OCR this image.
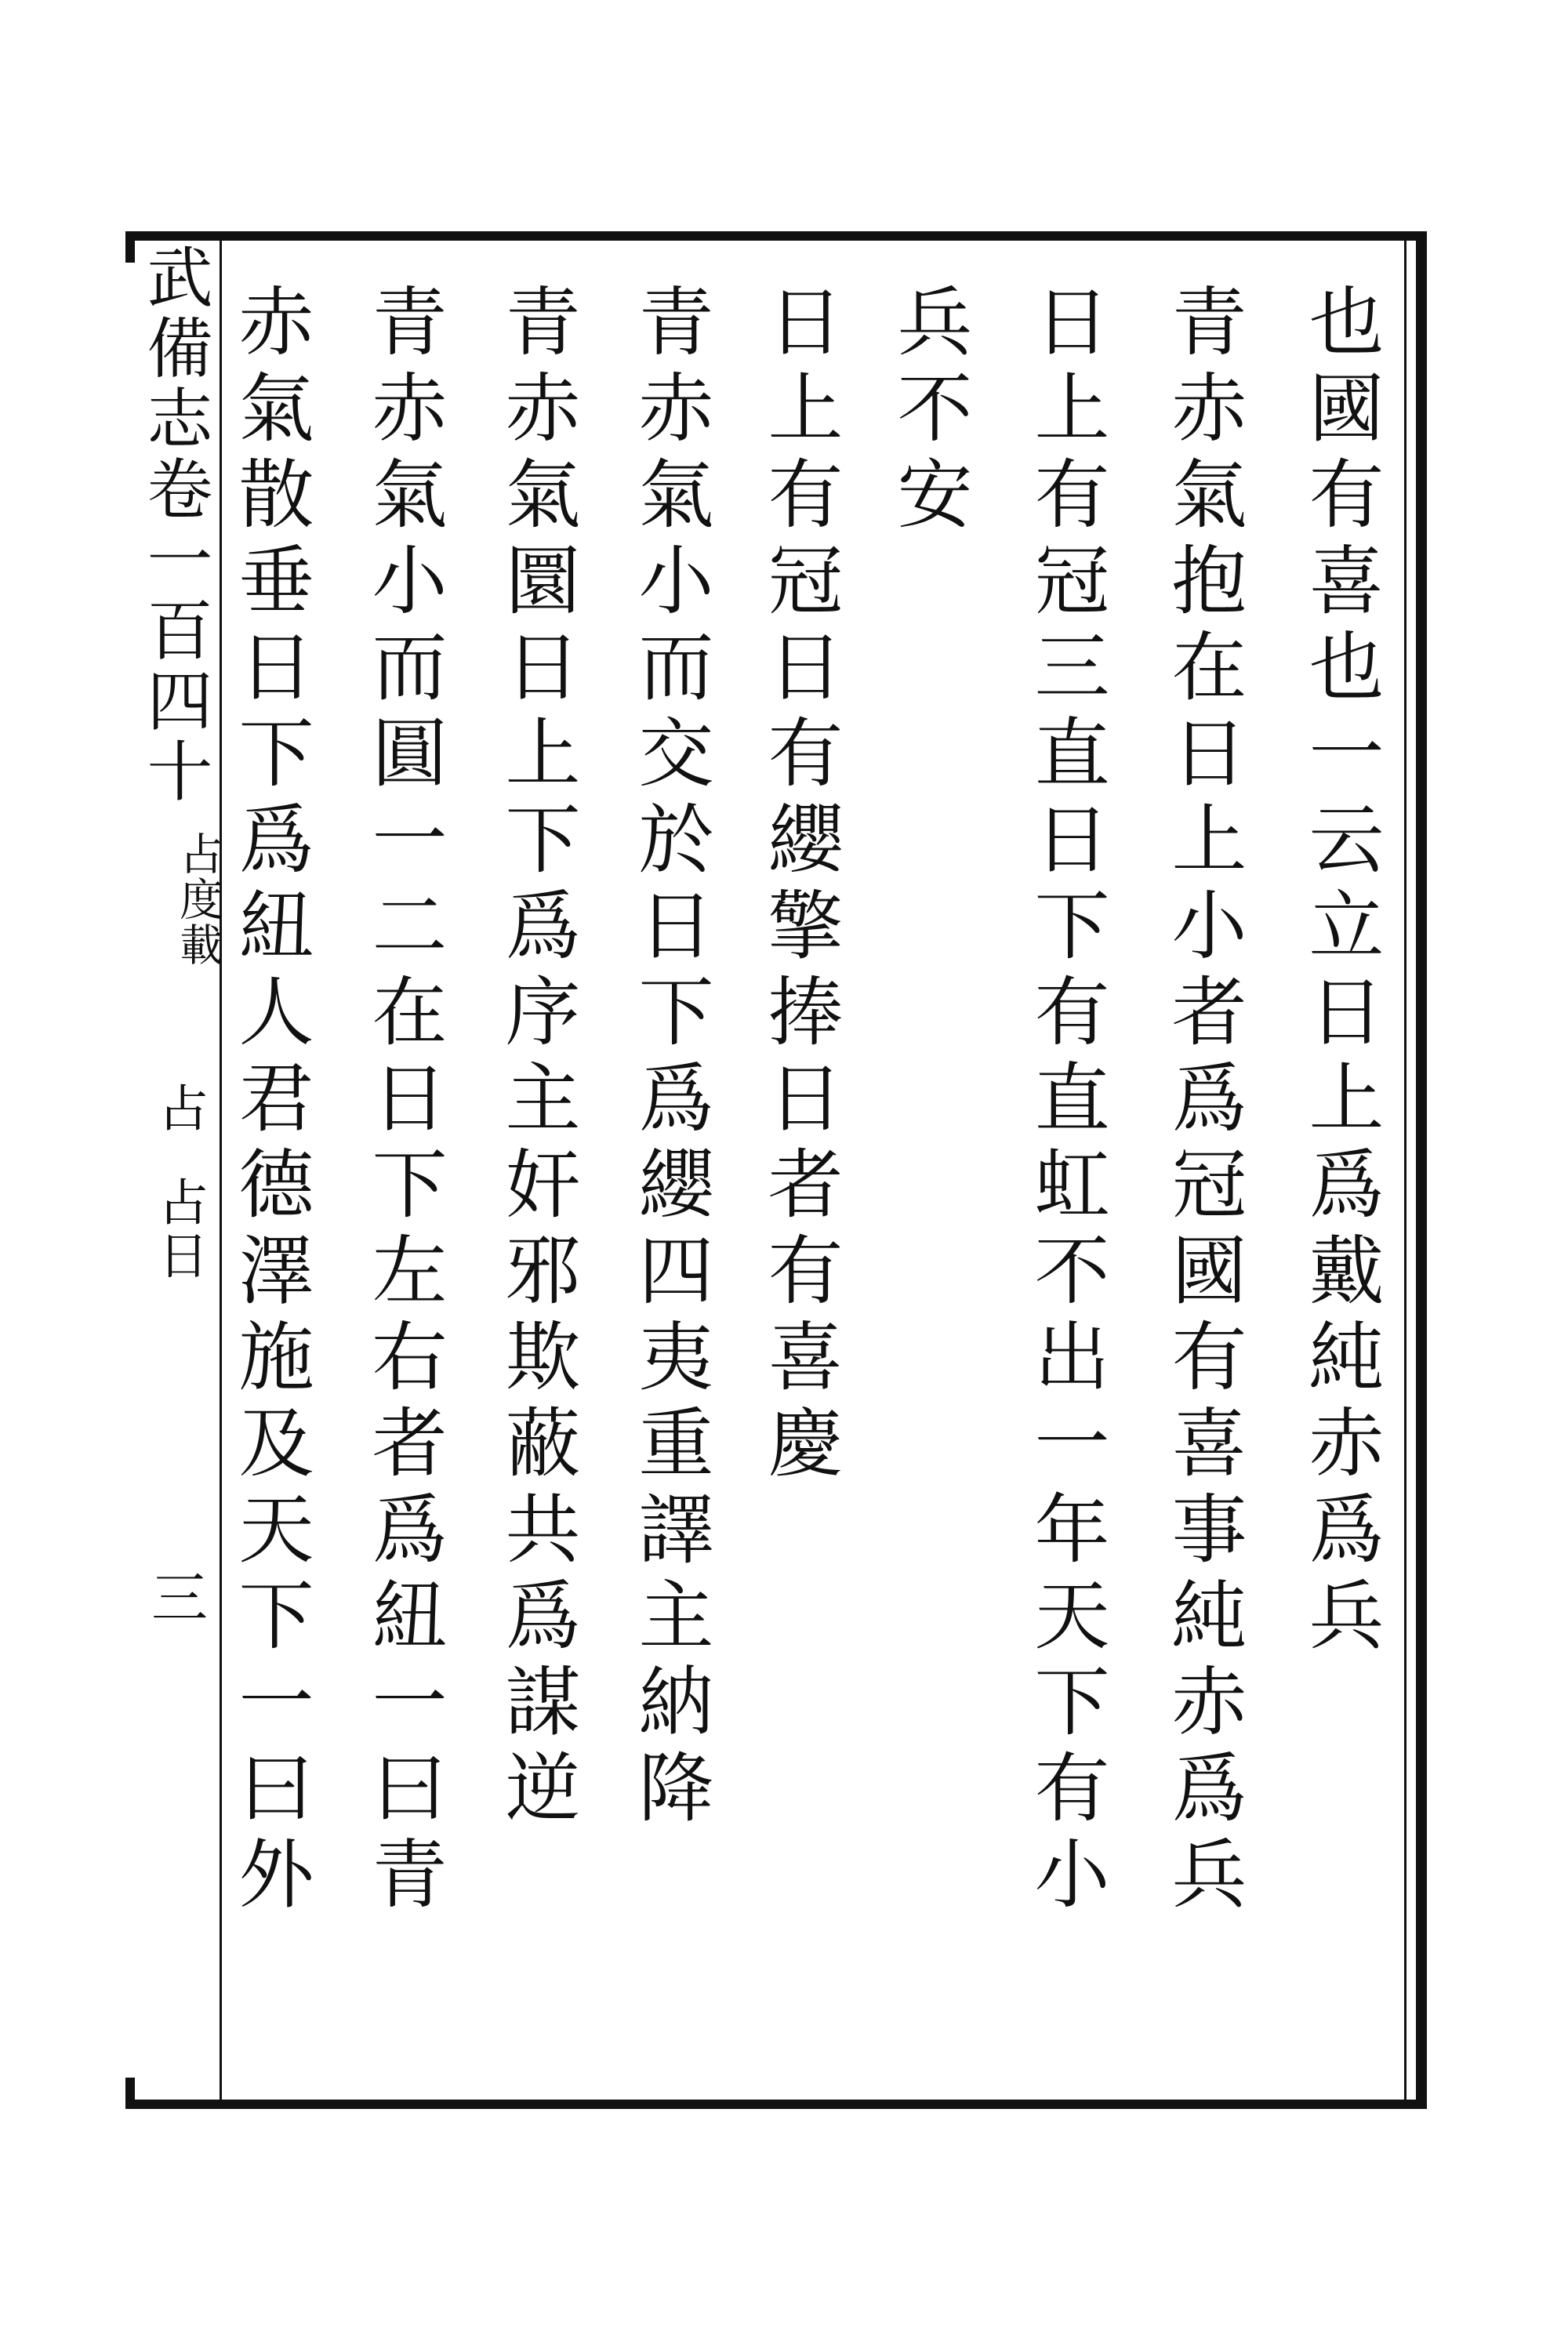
武備志卷一百四十
占度載
占
占日
三	也國有喜也一云立日上爲戴純赤爲兵
青赤氣抱在日上小者爲冠國有喜事純赤爲兵
日上有冠三直日下有直虹不出一年天下有小
兵不安
日上有冠日有纓擎捧日者有喜慶
青赤氣小而交於日下爲纓四夷重譯主納降
青赤氣圜日上下爲序主奸邪欺蔽共爲謀逆
青赤氣小而圓一二在日下左右者爲紐一曰青
赤氣散垂日下爲紐人君德澤施及天下一曰外
